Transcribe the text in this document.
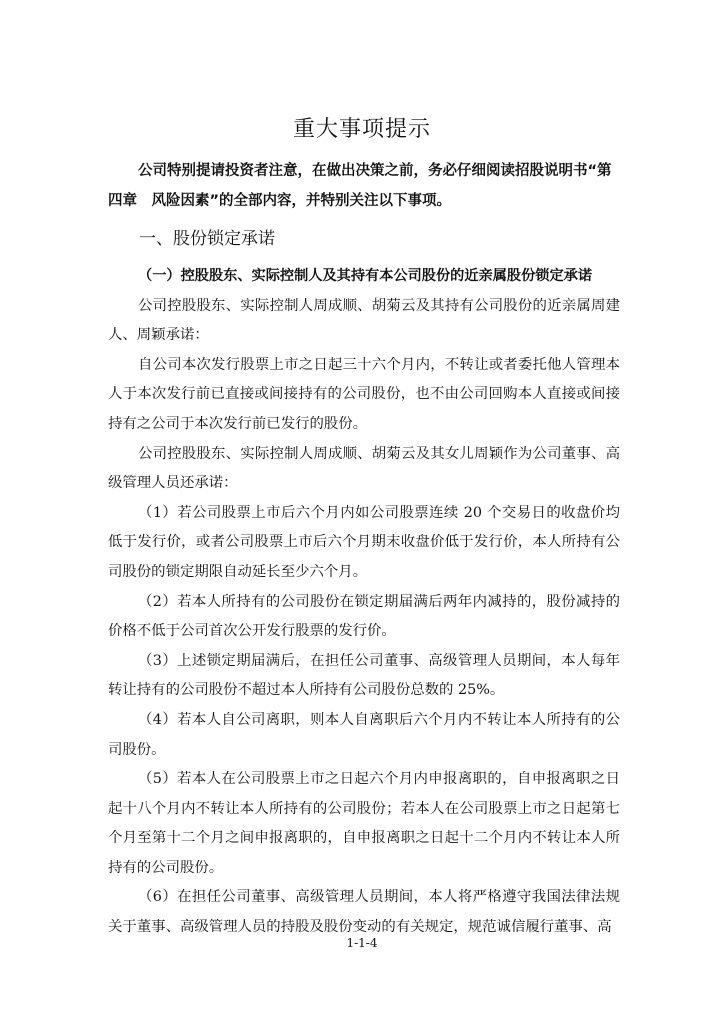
重大事项提示
公司特别提请投资者注意，在做出决策之前，务必仔细阅读招股说明书“第四章　风险因素”的全部内容，并特别关注以下事项。
一、股份锁定承诺

（一）控股股东、实际控制人及其持有本公司股份的近亲属股份锁定承诺

公司控股股东、实际控制人周成顺、胡菊云及其持有公司股份的近亲属周建人、周颖承诺：

自公司本次发行股票上市之日起三十六个月内，不转让或者委托他人管理本人于本次发行前已直接或间接持有的公司股份，也不由公司回购本人直接或间接持有之公司于本次发行前已发行的股份。

公司控股股东、实际控制人周成顺、胡菊云及其女儿周颖作为公司董事、高级管理人员还承诺：

（1）若公司股票上市后六个月内如公司股票连续 20 个交易日的收盘价均低于发行价，或者公司股票上市后六个月期末收盘价低于发行价，本人所持有公司股份的锁定期限自动延长至少六个月。

（2）若本人所持有的公司股份在锁定期届满后两年内减持的，股份减持的价格不低于公司首次公开发行股票的发行价。

（3）上述锁定期届满后，在担任公司董事、高级管理人员期间，本人每年转让持有的公司股份不超过本人所持有公司股份总数的 25%。

（4）若本人自公司离职，则本人自离职后六个月内不转让本人所持有的公司股份。

（5）若本人在公司股票上市之日起六个月内申报离职的，自申报离职之日起十八个月内不转让本人所持有的公司股份；若本人在公司股票上市之日起第七个月至第十二个月之间申报离职的，自申报离职之日起十二个月内不转让本人所持有的公司股份。

（6）在担任公司董事、高级管理人员期间，本人将严格遵守我国法律法规关于董事、高级管理人员的持股及股份变动的有关规定，规范诚信履行董事、高

1-1-4
